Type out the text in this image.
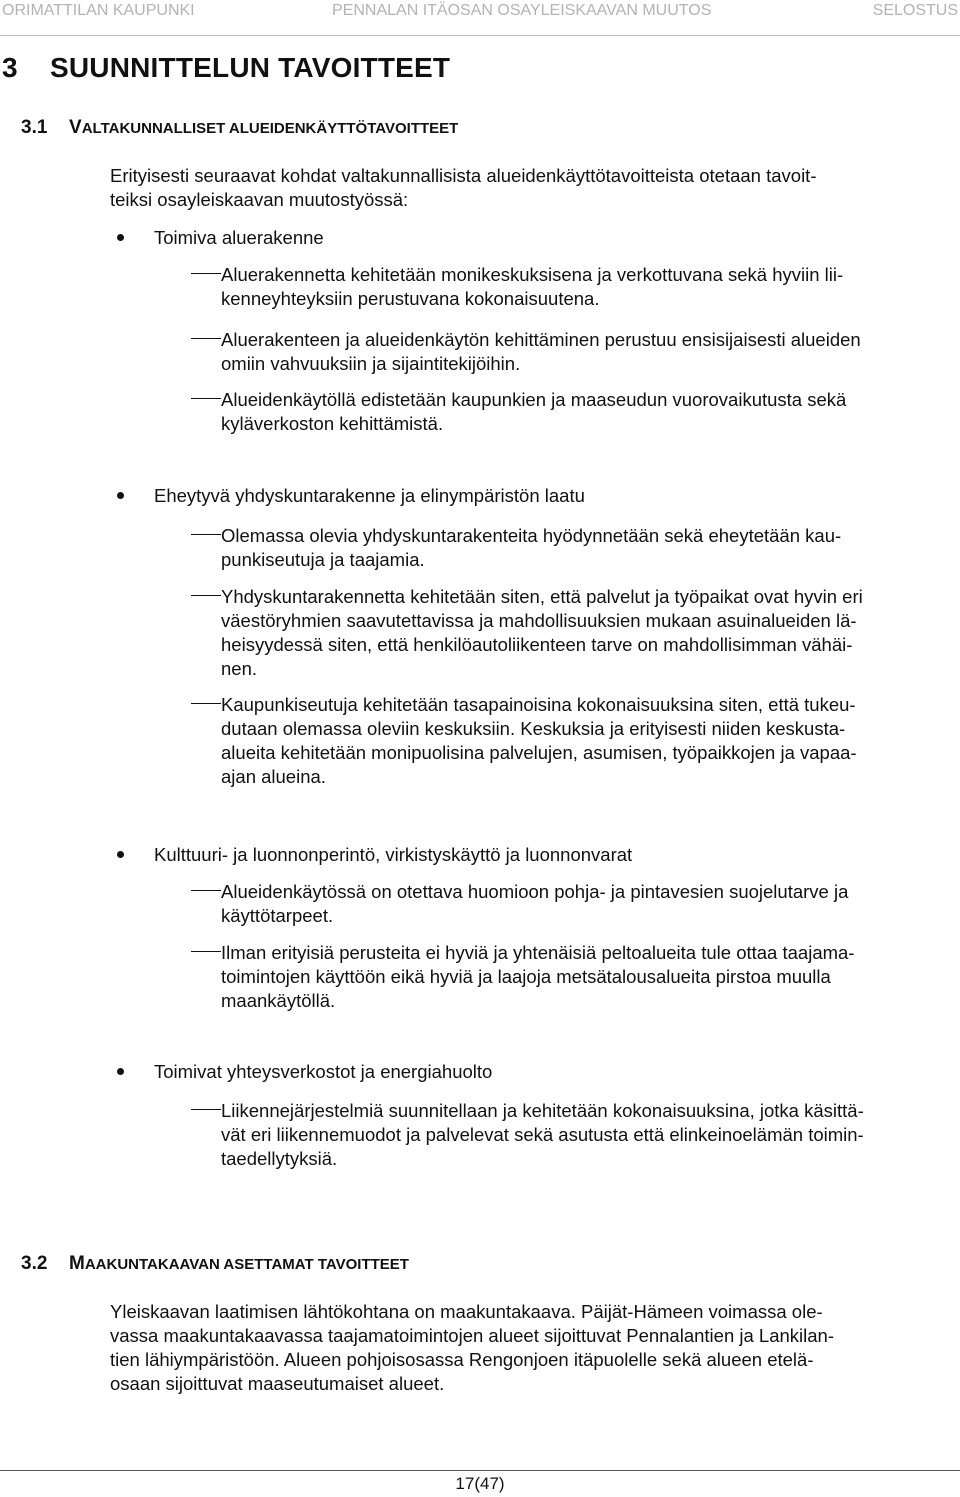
ORIMATTILAN KAUPUNKI	PENNALAN ITÄOSAN OSAYLEISKAAVAN MUUTOS	SELOSTUS
3 SUUNNITTELUN TAVOITTEET
3.1 VALTAKUNNALLISET ALUEIDENKÄYTTÖTAVOITTEET
Erityisesti seuraavat kohdat valtakunnallisista alueidenkäyttötavoitteista otetaan tavoit-
teiksi osayleiskaavan muutostyössä:
Toimiva aluerakenne
Aluerakennetta kehitetään monikeskuksisena ja verkottuvana sekä hyviin lii-
kenneyhteyksiin perustuvana kokonaisuutena.
Aluerakenteen ja alueidenkäytön kehittäminen perustuu ensisijaisesti alueiden
omiin vahvuuksiin ja sijaintitekijöihin.
Alueidenkäytöllä edistetään kaupunkien ja maaseudun vuorovaikutusta sekä
kyläverkoston kehittämistä.
Eheytyvä yhdyskuntarakenne ja elinympäristön laatu
Olemassa olevia yhdyskuntarakenteita hyödynnetään sekä eheytetään kau-
punkiseutuja ja taajamia.
Yhdyskuntarakennetta kehitetään siten, että palvelut ja työpaikat ovat hyvin eri
väestöryhmien saavutettavissa ja mahdollisuuksien mukaan asuinalueiden lä-
heisyydessä siten, että henkilöautoliikenteen tarve on mahdollisimman vähäi-
nen.
Kaupunkiseutuja kehitetään tasapainoisina kokonaisuuksina siten, että tukeu-
dutaan olemassa oleviin keskuksiin. Keskuksia ja erityisesti niiden keskusta-
alueita kehitetään monipuolisina palvelujen, asumisen, työpaikkojen ja vapaa-
ajan alueina.
Kulttuuri- ja luonnonperintö, virkistyskäyttö ja luonnonvarat
Alueidenkäytössä on otettava huomioon pohja- ja pintavesien suojelutarve ja
käyttötarpeet.
Ilman erityisiä perusteita ei hyviä ja yhtenäisiä peltoalueita tule ottaa taajama-
toimintojen käyttöön eikä hyviä ja laajoja metsätalousalueita pirstoa muulla
maankäytöllä.
Toimivat yhteysverkostot ja energiahuolto
Liikennejärjestelmiä suunnitellaan ja kehitetään kokonaisuuksina, jotka käsittä-
vät eri liikennemuodot ja palvelevat sekä asutusta että elinkeinoelämän toimin-
taedellytyksiä.
3.2 MAAKUNTAKAAVAN ASETTAMAT TAVOITTEET
Yleiskaavan laatimisen lähtökohtana on maakuntakaava. Päijät-Hämeen voimassa ole-
vassa maakuntakaavassa taajamatoimintojen alueet sijoittuvat Pennalantien ja Lankilan-
tien lähiympäristöön. Alueen pohjoisosassa Rengonjoen itäpuolelle sekä alueen etelä-
osaan sijoittuvat maaseutumaiset alueet.
17(47)
